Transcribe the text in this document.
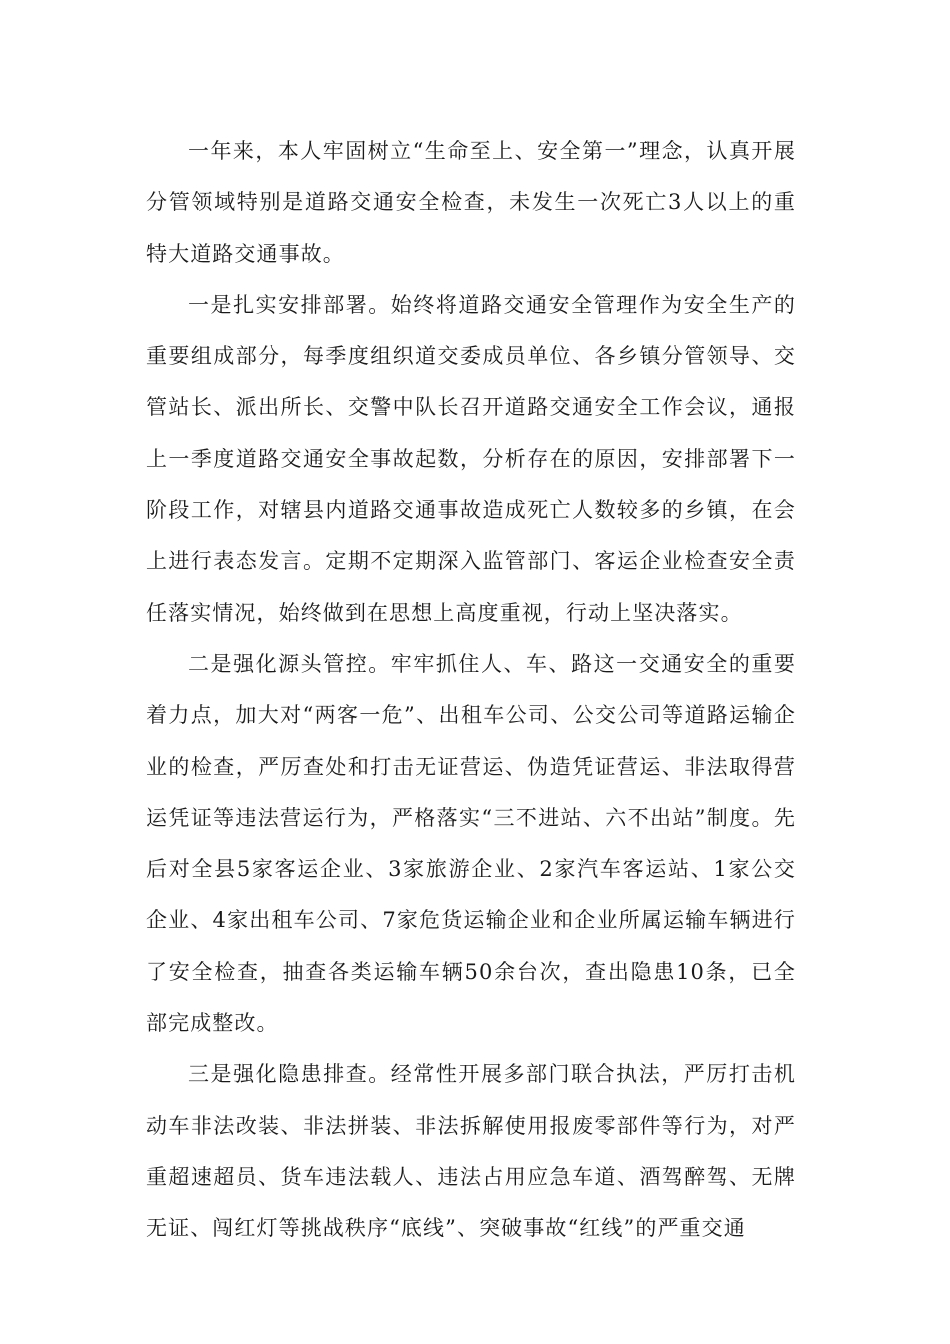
一年来，本人牢固树立“生命至上、安全第一”理念，认真开展分管领域特别是道路交通安全检查，未发生一次死亡3人以上的重特大道路交通事故。

一是扎实安排部署。始终将道路交通安全管理作为安全生产的重要组成部分，每季度组织道交委成员单位、各乡镇分管领导、交管站长、派出所长、交警中队长召开道路交通安全工作会议，通报上一季度道路交通安全事故起数，分析存在的原因，安排部署下一阶段工作，对辖县内道路交通事故造成死亡人数较多的乡镇，在会上进行表态发言。定期不定期深入监管部门、客运企业检查安全责任落实情况，始终做到在思想上高度重视，行动上坚决落实。

二是强化源头管控。牢牢抓住人、车、路这一交通安全的重要着力点，加大对“两客一危”、出租车公司、公交公司等道路运输企业的检查，严厉查处和打击无证营运、伪造凭证营运、非法取得营运凭证等违法营运行为，严格落实“三不进站、六不出站”制度。先后对全县5家客运企业、3家旅游企业、2家汽车客运站、1家公交企业、4家出租车公司、7家危货运输企业和企业所属运输车辆进行了安全检查，抽查各类运输车辆50余台次，查出隐患10条，已全部完成整改。

三是强化隐患排查。经常性开展多部门联合执法，严厉打击机动车非法改装、非法拼装、非法拆解使用报废零部件等行为，对严重超速超员、货车违法载人、违法占用应急车道、酒驾醉驾、无牌无证、闯红灯等挑战秩序“底线”、突破事故“红线”的严重交通
